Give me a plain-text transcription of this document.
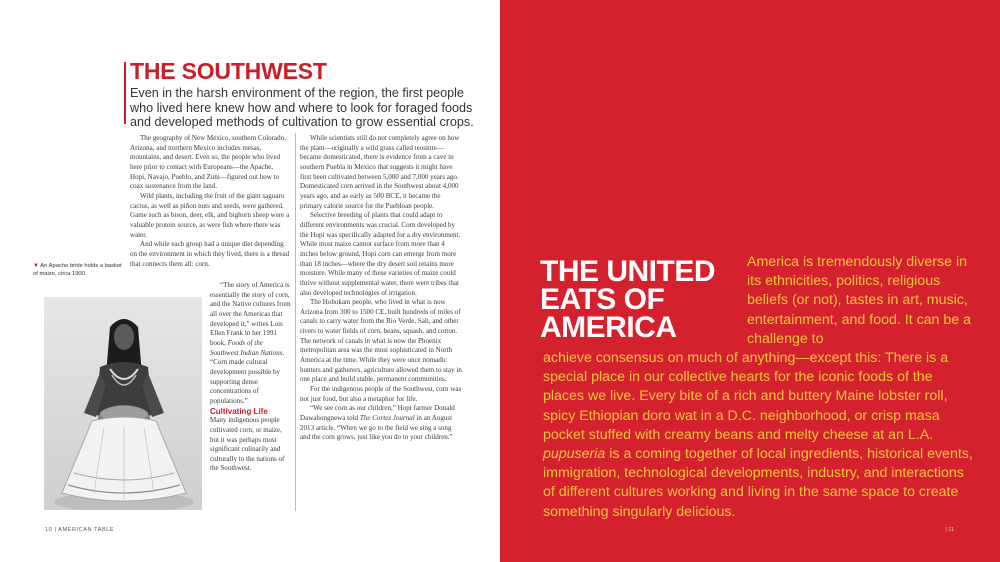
THE SOUTHWEST

Even in the harsh environment of the region, the first people who lived here knew how and where to look for foraged foods and developed methods of cultivation to grow essential crops.

The geography of New Mexico, southern Colorado, Arizona, and northern Mexico includes mesas, mountains, and desert. Even so, the people who lived here prior to contact with Europeans—the Apache, Hopi, Navajo, Pueblo, and Zuni—figured out how to coax sustenance from the land.

Wild plants, including the fruit of the giant saguaro cactus, as well as piñon nuts and seeds, were gathered. Game such as bison, deer, elk, and bighorn sheep were a valuable protein source, as were fish where there was water.

And while each group had a unique diet depending on the environment in which they lived, there is a thread that connects them all: corn.

“The story of America is essentially the story of corn, and the Native cultures from all over the Americas that developed it,” writes Lois Ellen Frank in her 1991 book, Foods of the Southwest Indian Nations. “Corn made cultural development possible by supporting dense concentrations of populations.”

Cultivating Life

Many indigenous people cultivated corn, or maize, but it was perhaps most significant culinarily and culturally to the nations of the Southwest.

While scientists still do not completely agree on how the plant—originally a wild grass called teosinte—became domesticated, there is evidence from a cave in southern Puebla in Mexico that suggests it might have first been cultivated between 5,000 and 7,000 years ago. Domesticated corn arrived in the Southwest about 4,000 years ago, and as early as 500 BCE, it became the primary calorie source for the Puebloan people.

Selective breeding of plants that could adapt to different environments was crucial. Corn developed by the Hopi was specifically adapted for a dry environment. While most maize cannot surface from more than 4 inches below ground, Hopi corn can emerge from more than 18 inches—where the dry desert soil retains more moisture. While many of these varieties of maize could thrive without supplemental water, there were tribes that also developed technologies of irrigation.

The Hohokam people, who lived in what is now Arizona from 300 to 1500 CE, built hundreds of miles of canals to carry water from the Rio Verde, Salt, and other rivers to water fields of corn, beans, squash, and cotton. The network of canals in what is now the Phoenix metropolitan area was the most sophisticated in North America at the time. While they were once nomadic hunters and gatherers, agriculture allowed them to stay in one place and build stable, permanent communities.

For the indigenous people of the Southwest, corn was not just food, but also a metaphor for life.

“We see corn as our children,” Hopi farmer Donald Dawahongnewa told The Cortez Journal in an August 2013 article. “When we go to the field we sing a song and the corn grows, just like you do to your children.”

▼ An Apache bride holds a basket of maize, circa 1900.
10 | AMERICAN TABLE
THE UNITED
EATS OF
AMERICA

America is tremendously diverse in its ethnicities, politics, religious beliefs (or not), tastes in art, music, entertainment, and food. It can be a challenge to

achieve consensus on much of anything—except this: There is a special place in our collective hearts for the iconic foods of the places we live. Every bite of a rich and buttery Maine lobster roll, spicy Ethiopian doro wat in a D.C. neighborhood, or crisp masa pocket stuffed with creamy beans and melty cheese at an L.A. pupuseria is a coming together of local ingredients, historical events, immigration, technological developments, industry, and interactions of different cultures working and living in the same space to create something singularly delicious.

| 11
